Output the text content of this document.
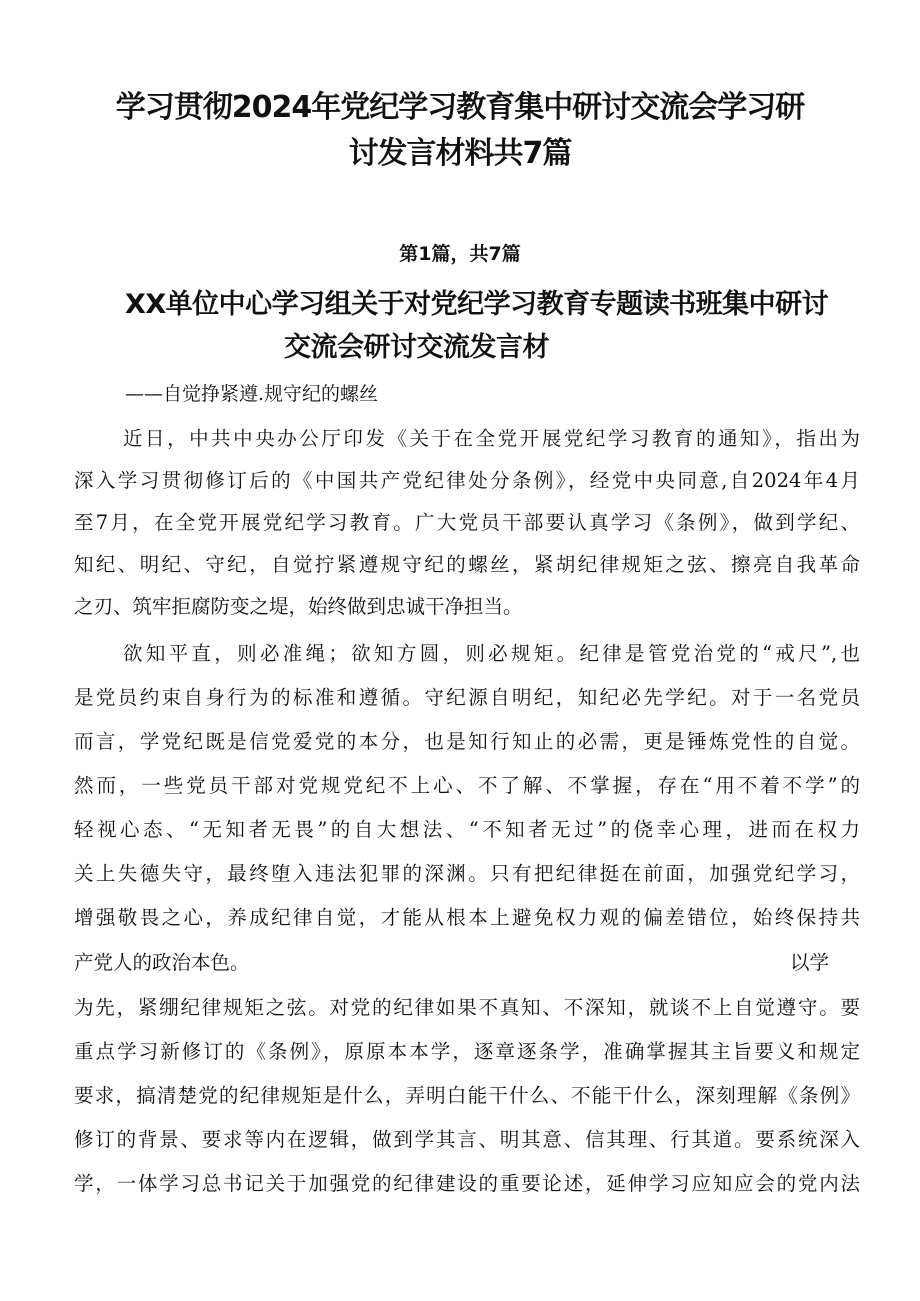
学习贯彻2024年党纪学习教育集中研讨交流会学习研
讨发言材料共7篇
第1篇，共7篇
XX单位中心学习组关于对党纪学习教育专题读书班集中研讨
交流会研讨交流发言材
——自觉挣紧遵.规守纪的螺丝
近日，中共中央办公厅印发《关于在全党开展党纪学习教育的通知》，指出为
深入学习贯彻修订后的《中国共产党纪律处分条例》，经党中央同意,自2024年4月
至7月，在全党开展党纪学习教育。广大党员干部要认真学习《条例》，做到学纪、
知纪、明纪、守纪，自觉拧紧遵规守纪的螺丝，紧胡纪律规矩之弦、擦亮自我革命
之刃、筑牢拒腐防变之堤，始终做到忠诚干净担当。
欲知平直，则必准绳；欲知方圆，则必规矩。纪律是管党治党的“戒尺”,也
是党员约束自身行为的标准和遵循。守纪源自明纪，知纪必先学纪。对于一名党员
而言，学党纪既是信党爱党的本分，也是知行知止的必需，更是锤炼党性的自觉。
然而，一些党员干部对党规党纪不上心、不了解、不掌握，存在“用不着不学”的
轻视心态、“无知者无畏”的自大想法、“不知者无过”的侥幸心理，进而在权力
关上失德失守，最终堕入违法犯罪的深渊。只有把纪律挺在前面，加强党纪学习，
增强敬畏之心，养成纪律自觉，才能从根本上避免权力观的偏差错位，始终保持共
产党人的政治本色。	以学
为先，紧绷纪律规矩之弦。对党的纪律如果不真知、不深知，就谈不上自觉遵守。要
重点学习新修订的《条例》，原原本本学，逐章逐条学，准确掌握其主旨要义和规定
要求，搞清楚党的纪律规矩是什么，弄明白能干什么、不能干什么，深刻理解《条例》
修订的背景、要求等内在逻辑，做到学其言、明其意、信其理、行其道。要系统深入
学，一体学习总书记关于加强党的纪律建设的重要论述，延伸学习应知应会的党内法
